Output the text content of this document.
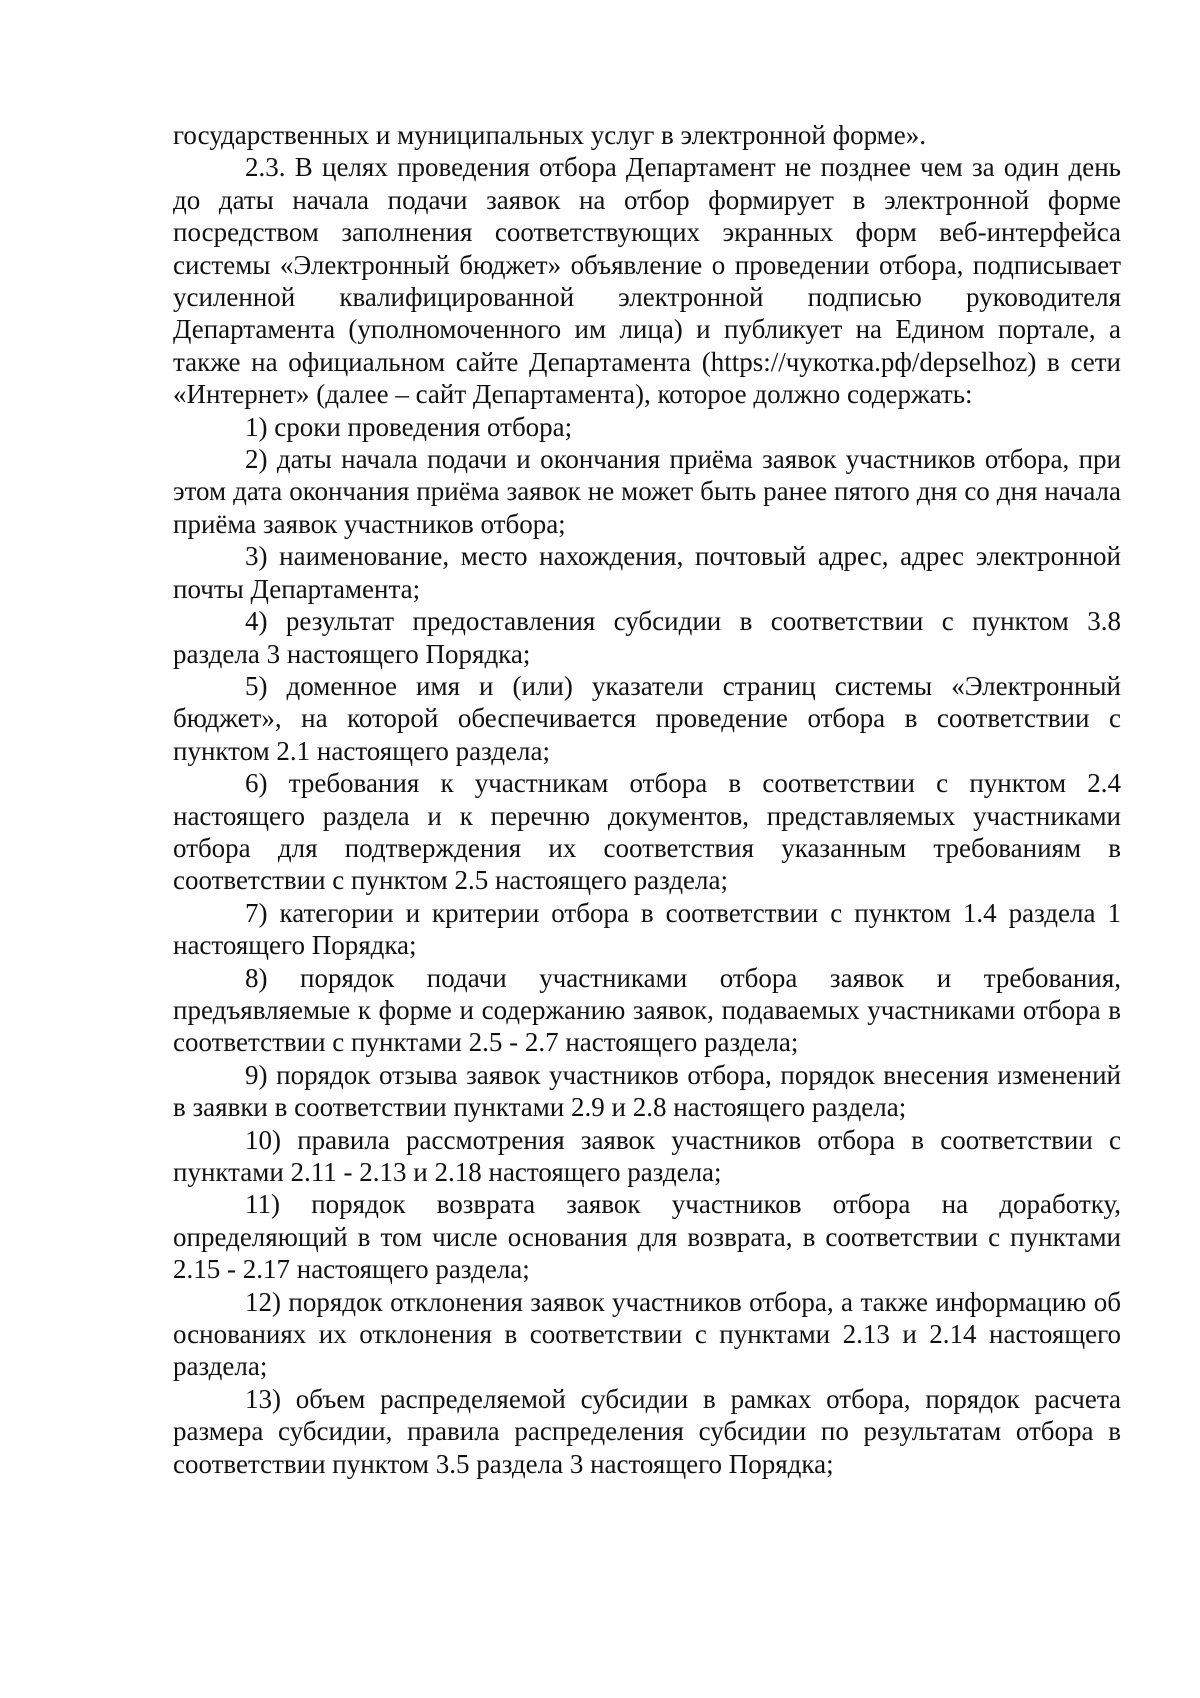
государственных и муниципальных услуг в электронной форме».

2.3. В целях проведения отбора Департамент не позднее чем за один день до даты начала подачи заявок на отбор формирует в электронной форме посредством заполнения соответствующих экранных форм веб-интерфейса системы «Электронный бюджет» объявление о проведении отбора, подписывает усиленной квалифицированной электронной подписью руководителя Департамента (уполномоченного им лица) и публикует на Едином портале, а также на официальном сайте Департамента (https://чукотка.рф/depselhoz) в сети «Интернет» (далее – сайт Департамента), которое должно содержать:

1) сроки проведения отбора;

2) даты начала подачи и окончания приёма заявок участников отбора, при этом дата окончания приёма заявок не может быть ранее пятого дня со дня начала приёма заявок участников отбора;

3) наименование, место нахождения, почтовый адрес, адрес электронной почты Департамента;

4) результат предоставления субсидии в соответствии с пунктом 3.8 раздела 3 настоящего Порядка;

5) доменное имя и (или) указатели страниц системы «Электронный бюджет», на которой обеспечивается проведение отбора в соответствии с пунктом 2.1 настоящего раздела;

6) требования к участникам отбора в соответствии с пунктом 2.4 настоящего раздела и к перечню документов, представляемых участниками отбора для подтверждения их соответствия указанным требованиям в соответствии с пунктом 2.5 настоящего раздела;

7) категории и критерии отбора в соответствии с пунктом 1.4 раздела 1 настоящего Порядка;

8) порядок подачи участниками отбора заявок и требования, предъявляемые к форме и содержанию заявок, подаваемых участниками отбора в соответствии с пунктами 2.5 - 2.7 настоящего раздела;

9) порядок отзыва заявок участников отбора, порядок внесения изменений в заявки в соответствии пунктами 2.9 и 2.8 настоящего раздела;

10) правила рассмотрения заявок участников отбора в соответствии с пунктами 2.11 - 2.13 и 2.18 настоящего раздела;

11) порядок возврата заявок участников отбора на доработку, определяющий в том числе основания для возврата, в соответствии с пунктами 2.15 - 2.17 настоящего раздела;

12) порядок отклонения заявок участников отбора, а также информацию об основаниях их отклонения в соответствии с пунктами 2.13 и 2.14 настоящего раздела;

13) объем распределяемой субсидии в рамках отбора, порядок расчета размера субсидии, правила распределения субсидии по результатам отбора в соответствии пунктом 3.5 раздела 3 настоящего Порядка;
